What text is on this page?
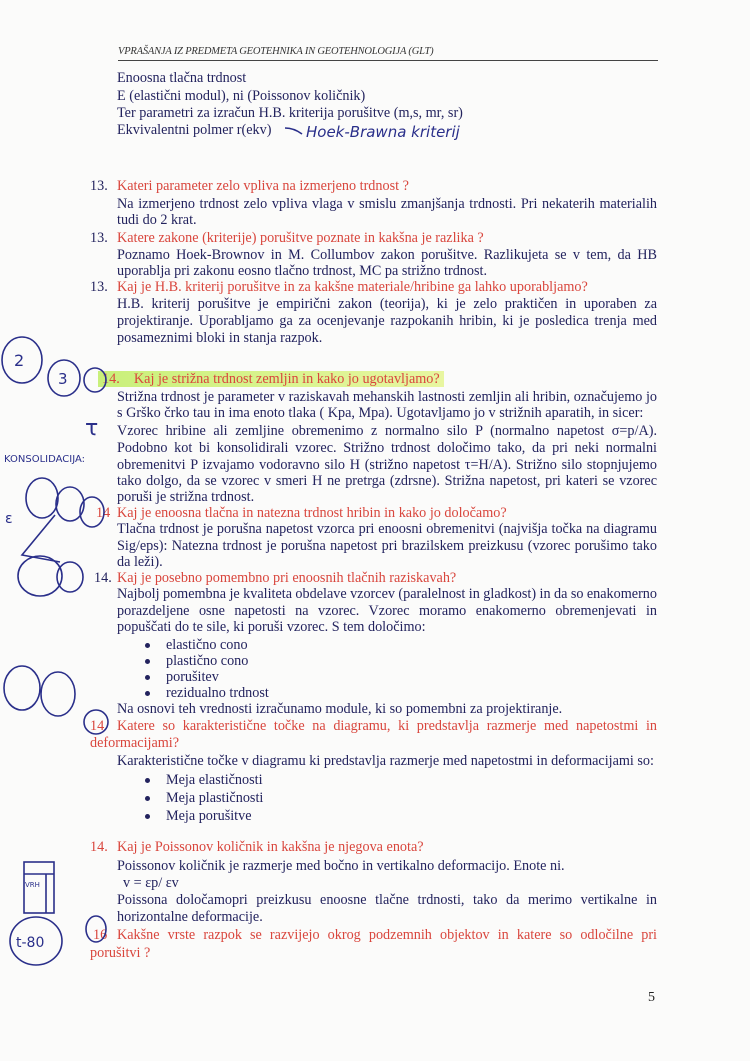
VPRAŠANJA IZ PREDMETA GEOTEHNIKA IN GEOTEHNOLOGIJA (GLT)
Enoosna tlačna trdnost
E (elastični modul), ni (Poissonov količnik)
Ter parametri za izračun H.B. kriterija porušitve (m,s, mr, sr)
Ekvivalentni polmer r(ekv)
13. Kateri parameter zelo vpliva na izmerjeno trdnost ?
Na izmerjeno trdnost zelo vpliva vlaga v smislu zmanjšanja trdnosti. Pri nekaterih materialih
tudi do 2 krat.
13. Katere zakone (kriterije) porušitve poznate in kakšna je razlika ?
Poznamo Hoek-Brownov in M. Collumbov zakon porušitve. Razlikujeta se v tem, da HB
uporablja pri zakonu eosno tlačno trdnost, MC pa strižno trdnost.
13. Kaj je H.B. kriterij porušitve in za kakšne materiale/hribine ga lahko uporabljamo?
H.B. kriterij porušitve je empirični zakon (teorija), ki je zelo praktičen in uporaben za
projektiranje. Uporabljamo ga za ocenjevanje razpokanih hribin, ki je posledica trenja med
posameznimi bloki in stanja razpok.
14. Kaj je strižna trdnost zemljin in kako jo ugotavljamo?
Strižna trdnost je parameter v raziskavah mehanskih lastnosti zemljin ali hribin, označujemo jo
s Grško črko tau in ima enoto tlaka ( Kpa, Mpa). Ugotavljamo jo v strižnih aparatih, in sicer:
Vzorec hribine ali zemljine obremenimo z normalno silo P (normalno napetost σ=p/A).
Podobno kot bi konsolidirali vzorec. Strižno trdnost določimo tako, da pri neki normalni
obremenitvi P izvajamo vodoravno silo H (strižno napetost τ=H/A). Strižno silo stopnjujemo
tako dolgo, da se vzorec v smeri H ne pretrga (zdrsne). Strižna napetost, pri kateri se vzorec
poruši je strižna trdnost.
14 Kaj je enoosna tlačna in natezna trdnost hribin in kako jo določamo?
Tlačna trdnost je porušna napetost vzorca pri enoosni obremenitvi (najvišja točka na diagramu
Sig/eps): Natezna trdnost je porušna napetost pri brazilskem preizkusu (vzorec porušimo tako
da leži).
14. Kaj je posebno pomembno pri enoosnih tlačnih raziskavah?
Najbolj pomembna je kvaliteta obdelave vzorcev (paralelnost in gladkost) in da so enakomerno
porazdeljene osne napetosti na vzorec. Vzorec moramo enakomerno obremenjevati in
popuščati do te sile, ki poruši vzorec. S tem določimo:
elastično cono
plastično cono
porušitev
rezidualno trdnost
Na osnovi teh vrednosti izračunamo module, ki so pomembni za projektiranje.
14 Katere so karakteristične točke na diagramu, ki predstavlja razmerje med napetostmi in
deformacijami?
Karakteristične točke v diagramu ki predstavlja razmerje med napetostmi in deformacijami so:
Meja elastičnosti
Meja plastičnosti
Meja porušitve
14. Kaj je Poissonov količnik in kakšna je njegova enota?
Poissonov količnik je razmerje med bočno in vertikalno deformacijo. Enote ni.
v = εp/ εv
Poissona določamopri preizkusu enoosne tlačne trdnosti, tako da merimo vertikalne in
horizontalne deformacije.
16 Kakšne vrste razpok se razvijejo okrog podzemnih objektov in katere so odločilne pri
porušitvi ?
5
Hoek-Brawna kriterij
2
3
τ
KONSOLIDACIJA:
ε
VRH
t-80
